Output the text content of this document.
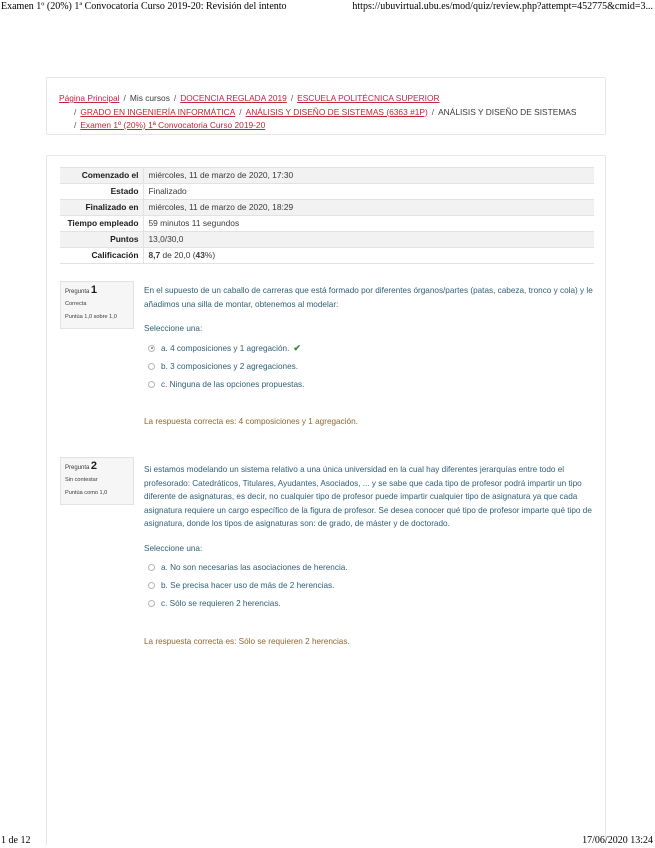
Examen 1º (20%) 1ª Convocatoria Curso 2019-20: Revisión del intento	https://ubuvirtual.ubu.es/mod/quiz/review.php?attempt=452775&cmid=3...
Página Principal / Mis cursos / DOCENCIA REGLADA 2019 / ESCUELA POLITÉCNICA SUPERIOR
/ GRADO EN INGENIERÍA INFORMÁTICA / ANÁLISIS Y DISEÑO DE SISTEMAS (6363 #1P) / ANÁLISIS Y DISEÑO DE SISTEMAS
/ Examen 1º (20%) 1ª Convocatoria Curso 2019-20
Comenzado el	miércoles, 11 de marzo de 2020, 17:30
Estado	Finalizado
Finalizado en	miércoles, 11 de marzo de 2020, 18:29
Tiempo empleado	59 minutos 11 segundos
Puntos	13,0/30,0
Calificación	8,7 de 20,0 (43%)
Pregunta 1
Correcta
Puntúa 1,0 sobre 1,0
En el supuesto de un caballo de carreras que está formado por diferentes órganos/partes (patas, cabeza, tronco y cola) y le añadimos una silla de montar, obtenemos al modelar:
Seleccione una:
a. 4 composiciones y 1 agregación. ✔
b. 3 composiciones y 2 agregaciones.
c. Ninguna de las opciones propuestas.
La respuesta correcta es: 4 composiciones y 1 agregación.
Pregunta 2
Sin contestar
Puntúa como 1,0
Si estamos modelando un sistema relativo a una única universidad en la cual hay diferentes jerarquías entre todo el profesorado: Catedráticos, Titulares, Ayudantes, Asociados, ... y se sabe que cada tipo de profesor podrá impartir un tipo diferente de asignaturas, es decir, no cualquier tipo de profesor puede impartir cualquier tipo de asignatura ya que cada asignatura requiere un cargo específico de la figura de profesor. Se desea conocer qué tipo de profesor imparte qué tipo de asignatura, donde los tipos de asignaturas son: de grado, de máster y de doctorado.
Seleccione una:
a. No son necesarias las asociaciones de herencia.
b. Se precisa hacer uso de más de 2 herencias.
c. Sólo se requieren 2 herencias.
La respuesta correcta es: Sólo se requieren 2 herencias.
1 de 12	17/06/2020 13:24
